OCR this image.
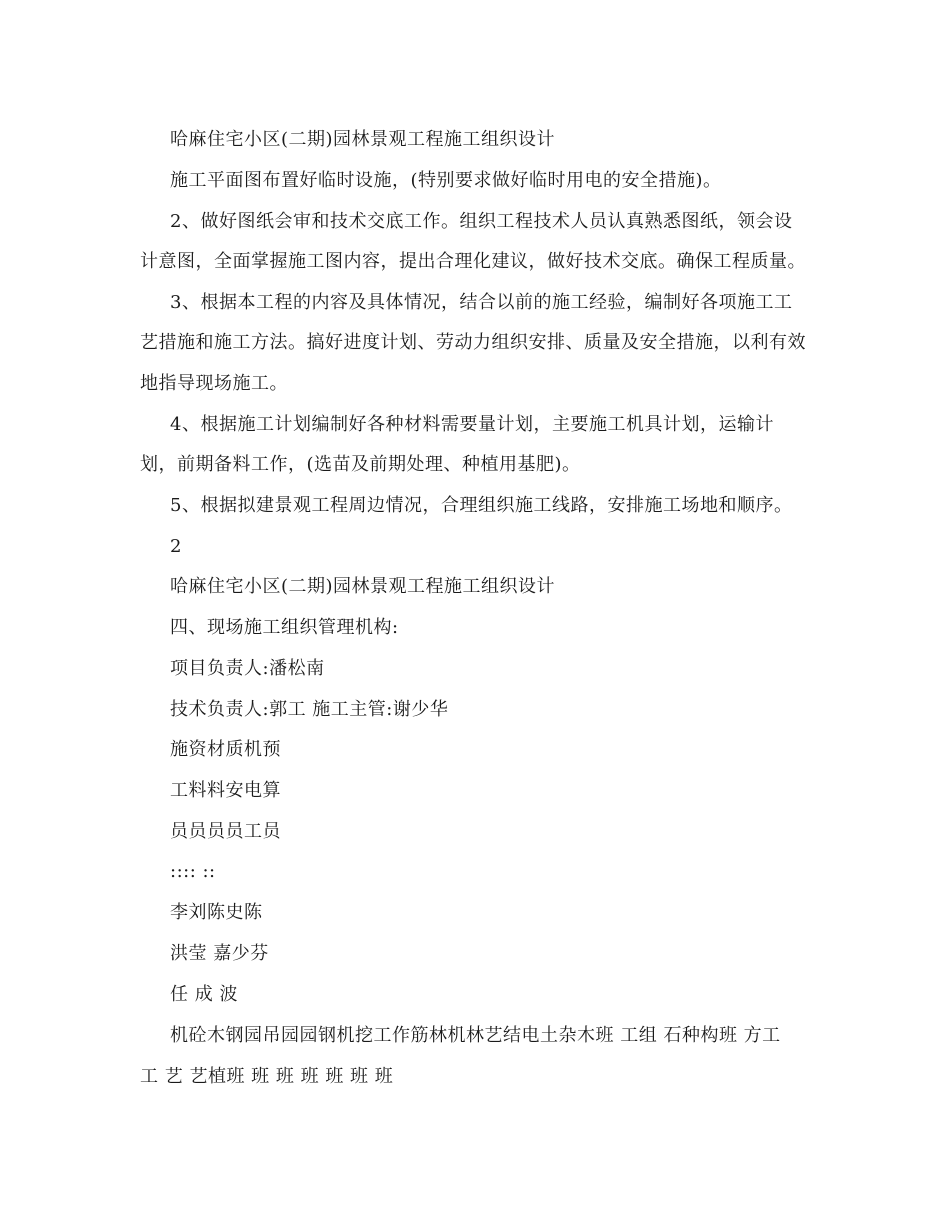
哈麻住宅小区(二期)园林景观工程施工组织设计
施工平面图布置好临时设施，(特别要求做好临时用电的安全措施)。
2、做好图纸会审和技术交底工作。组织工程技术人员认真熟悉图纸，领会设
计意图，全面掌握施工图内容，提出合理化建议，做好技术交底。确保工程质量。
3、根据本工程的内容及具体情况，结合以前的施工经验，编制好各项施工工
艺措施和施工方法。搞好进度计划、劳动力组织安排、质量及安全措施，以利有效
地指导现场施工。
4、根据施工计划编制好各种材料需要量计划，主要施工机具计划，运输计
划，前期备料工作，(选苗及前期处理、种植用基肥)。
5、根据拟建景观工程周边情况，合理组织施工线路，安排施工场地和顺序。
2
哈麻住宅小区(二期)园林景观工程施工组织设计
四、现场施工组织管理机构:
项目负责人:潘松南
技术负责人:郭工 施工主管:谢少华
施资材质机预
工料料安电算
员员员员工员
:::: ::
李刘陈史陈
洪莹 嘉少芬
任 成 波
机砼木钢园吊园园钢机挖工作筋林机林艺结电土杂木班 工组 石种构班 方工
工 艺 艺植班 班 班 班 班 班 班
